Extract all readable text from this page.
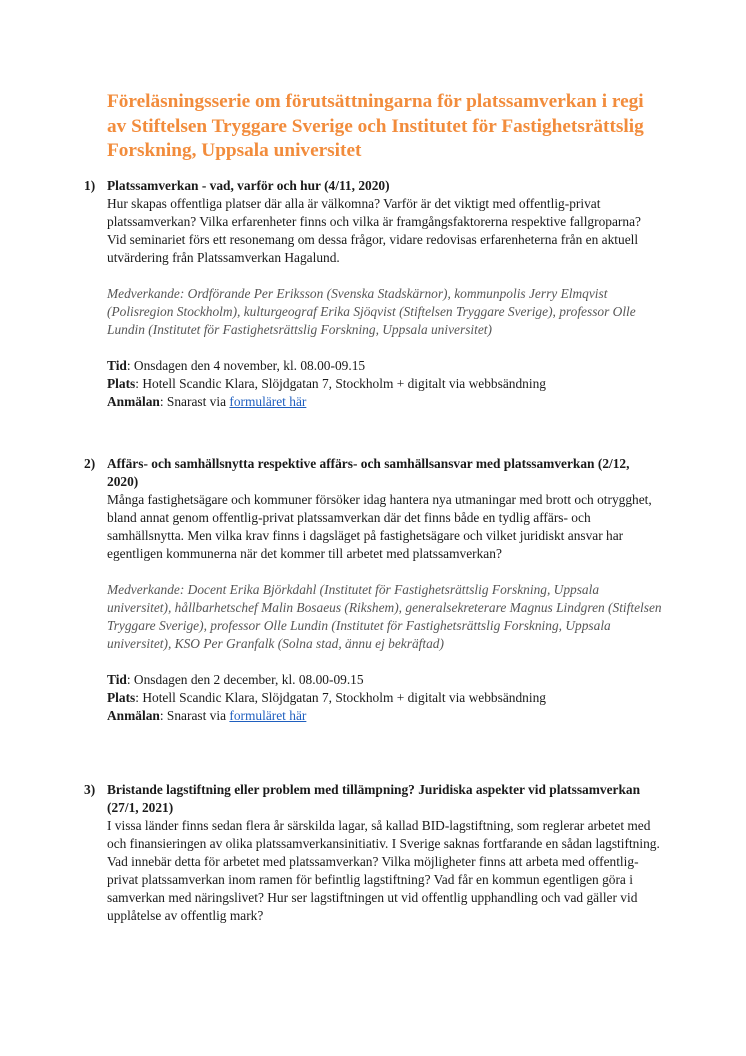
Föreläsningsserie om förutsättningarna för platssamverkan i regi av Stiftelsen Tryggare Sverige och Institutet för Fastighetsrättslig Forskning, Uppsala universitet
1) Platssamverkan - vad, varför och hur (4/11, 2020)

Hur skapas offentliga platser där alla är välkomna? Varför är det viktigt med offentlig-privat platssamverkan? Vilka erfarenheter finns och vilka är framgångsfaktorerna respektive fallgroparna? Vid seminariet förs ett resonemang om dessa frågor, vidare redovisas erfarenheterna från en aktuell utvärdering från Platssamverkan Hagalund.

Medverkande: Ordförande Per Eriksson (Svenska Stadskärnor), kommunpolis Jerry Elmqvist (Polisregion Stockholm), kulturgeograf Erika Sjöqvist (Stiftelsen Tryggare Sverige), professor Olle Lundin (Institutet för Fastighetsrättslig Forskning, Uppsala universitet)

Tid: Onsdagen den 4 november, kl. 08.00-09.15
Plats: Hotell Scandic Klara, Slöjdgatan 7, Stockholm + digitalt via webbsändning
Anmälan: Snarast via formuläret här
2) Affärs- och samhällsnytta respektive affärs- och samhällsansvar med platssamverkan (2/12, 2020)

Många fastighetsägare och kommuner försöker idag hantera nya utmaningar med brott och otrygghet, bland annat genom offentlig-privat platssamverkan där det finns både en tydlig affärs- och samhällsnytta. Men vilka krav finns i dagsläget på fastighetsägare och vilket juridiskt ansvar har egentligen kommunerna när det kommer till arbetet med platssamverkan?

Medverkande: Docent Erika Björkdahl (Institutet för Fastighetsrättslig Forskning, Uppsala universitet), hållbarhetschef Malin Bosaeus (Rikshem), generalsekreterare Magnus Lindgren (Stiftelsen Tryggare Sverige), professor Olle Lundin (Institutet för Fastighetsrättslig Forskning, Uppsala universitet), KSO Per Granfalk (Solna stad, ännu ej bekräftad)

Tid: Onsdagen den 2 december, kl. 08.00-09.15
Plats: Hotell Scandic Klara, Slöjdgatan 7, Stockholm + digitalt via webbsändning
Anmälan: Snarast via formuläret här
3) Bristande lagstiftning eller problem med tillämpning? Juridiska aspekter vid platssamverkan (27/1, 2021)

I vissa länder finns sedan flera år särskilda lagar, så kallad BID-lagstiftning, som reglerar arbetet med och finansieringen av olika platssamverkansinitiativ. I Sverige saknas fortfarande en sådan lagstiftning. Vad innebär detta för arbetet med platssamverkan? Vilka möjligheter finns att arbeta med offentlig-privat platssamverkan inom ramen för befintlig lagstiftning? Vad får en kommun egentligen göra i samverkan med näringslivet? Hur ser lagstiftningen ut vid offentlig upphandling och vad gäller vid upplåtelse av offentlig mark?
